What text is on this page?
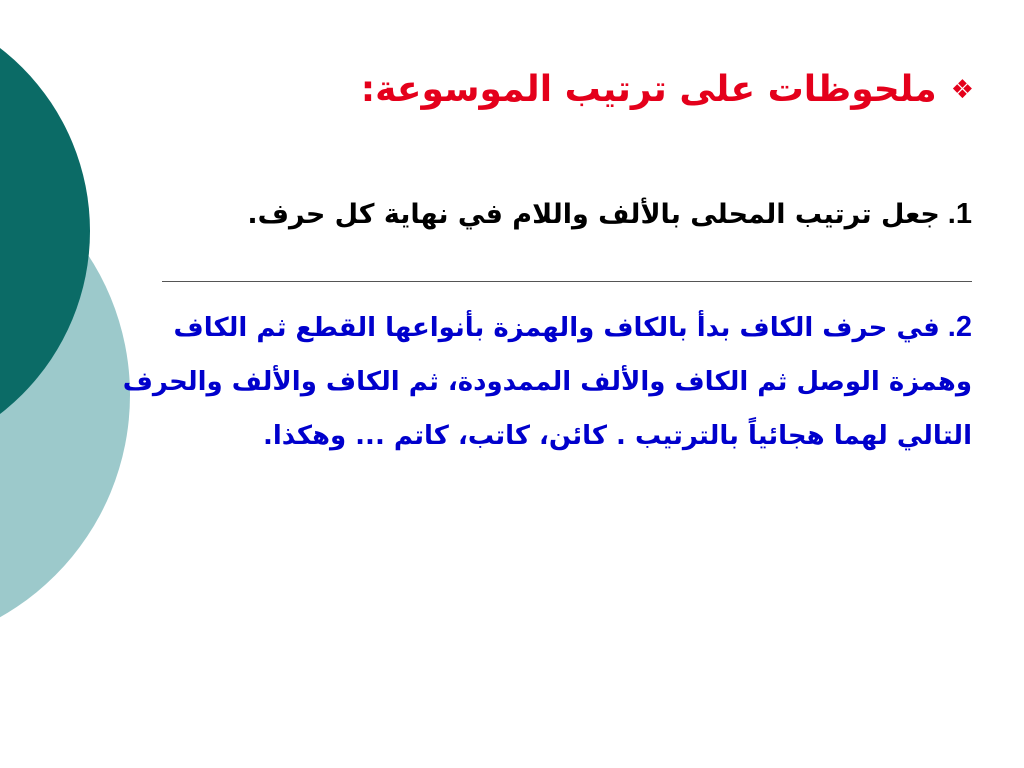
❖ملحوظات على ترتيب الموسوعة:
1.جعل ترتيب المحلى بالألف واللام في نهاية كل حرف.
2.في حرف الكاف بدأ بالكاف والهمزة بأنواعها القطع ثم الكاف وهمزة الوصل ثم الكاف والألف الممدودة، ثم الكاف والألف والحرف التالي لهما هجائياً بالترتيب . كائن، كاتب، كاتم ... وهكذا.
